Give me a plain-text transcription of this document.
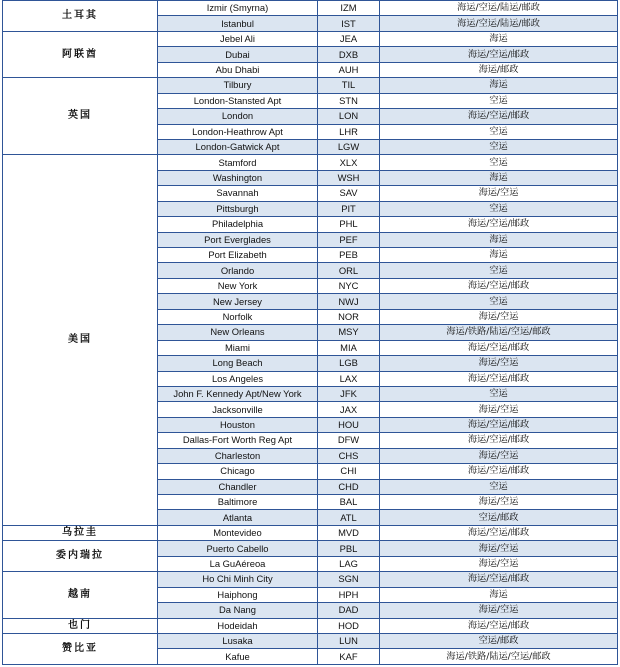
土耳其	Izmir (Smyrna)	IZM	海运/空运/陆运/邮政
	Istanbul	IST	海运/空运/陆运/邮政
阿联酋	Jebel Ali	JEA	海运
	Dubai	DXB	海运/空运/邮政
	Abu Dhabi	AUH	海运/邮政
英国	Tilbury	TIL	海运
	London-Stansted Apt	STN	空运
	London	LON	海运/空运/邮政
	London-Heathrow Apt	LHR	空运
	London-Gatwick Apt	LGW	空运
美国	Stamford	XLX	空运
	Washington	WSH	海运
	Savannah	SAV	海运/空运
	Pittsburgh	PIT	空运
	Philadelphia	PHL	海运/空运/邮政
	Port Everglades	PEF	海运
	Port Elizabeth	PEB	海运
	Orlando	ORL	空运
	New York	NYC	海运/空运/邮政
	New Jersey	NWJ	空运
	Norfolk	NOR	海运/空运
	New Orleans	MSY	海运/铁路/陆运/空运/邮政
	Miami	MIA	海运/空运/邮政
	Long Beach	LGB	海运/空运
	Los Angeles	LAX	海运/空运/邮政
	John F. Kennedy Apt/New York	JFK	空运
	Jacksonville	JAX	海运/空运
	Houston	HOU	海运/空运/邮政
	Dallas-Fort Worth Reg Apt	DFW	海运/空运/邮政
	Charleston	CHS	海运/空运
	Chicago	CHI	海运/空运/邮政
	Chandler	CHD	空运
	Baltimore	BAL	海运/空运
	Atlanta	ATL	空运/邮政
乌拉圭	Montevideo	MVD	海运/空运/邮政
委内瑞拉	Puerto Cabello	PBL	海运/空运
	La GuAéreoa	LAG	海运/空运
越南	Ho Chi Minh City	SGN	海运/空运/邮政
	Haiphong	HPH	海运
	Da Nang	DAD	海运/空运
也门	Hodeidah	HOD	海运/空运/邮政
赞比亚	Lusaka	LUN	空运/邮政
	Kafue	KAF	海运/铁路/陆运/空运/邮政
